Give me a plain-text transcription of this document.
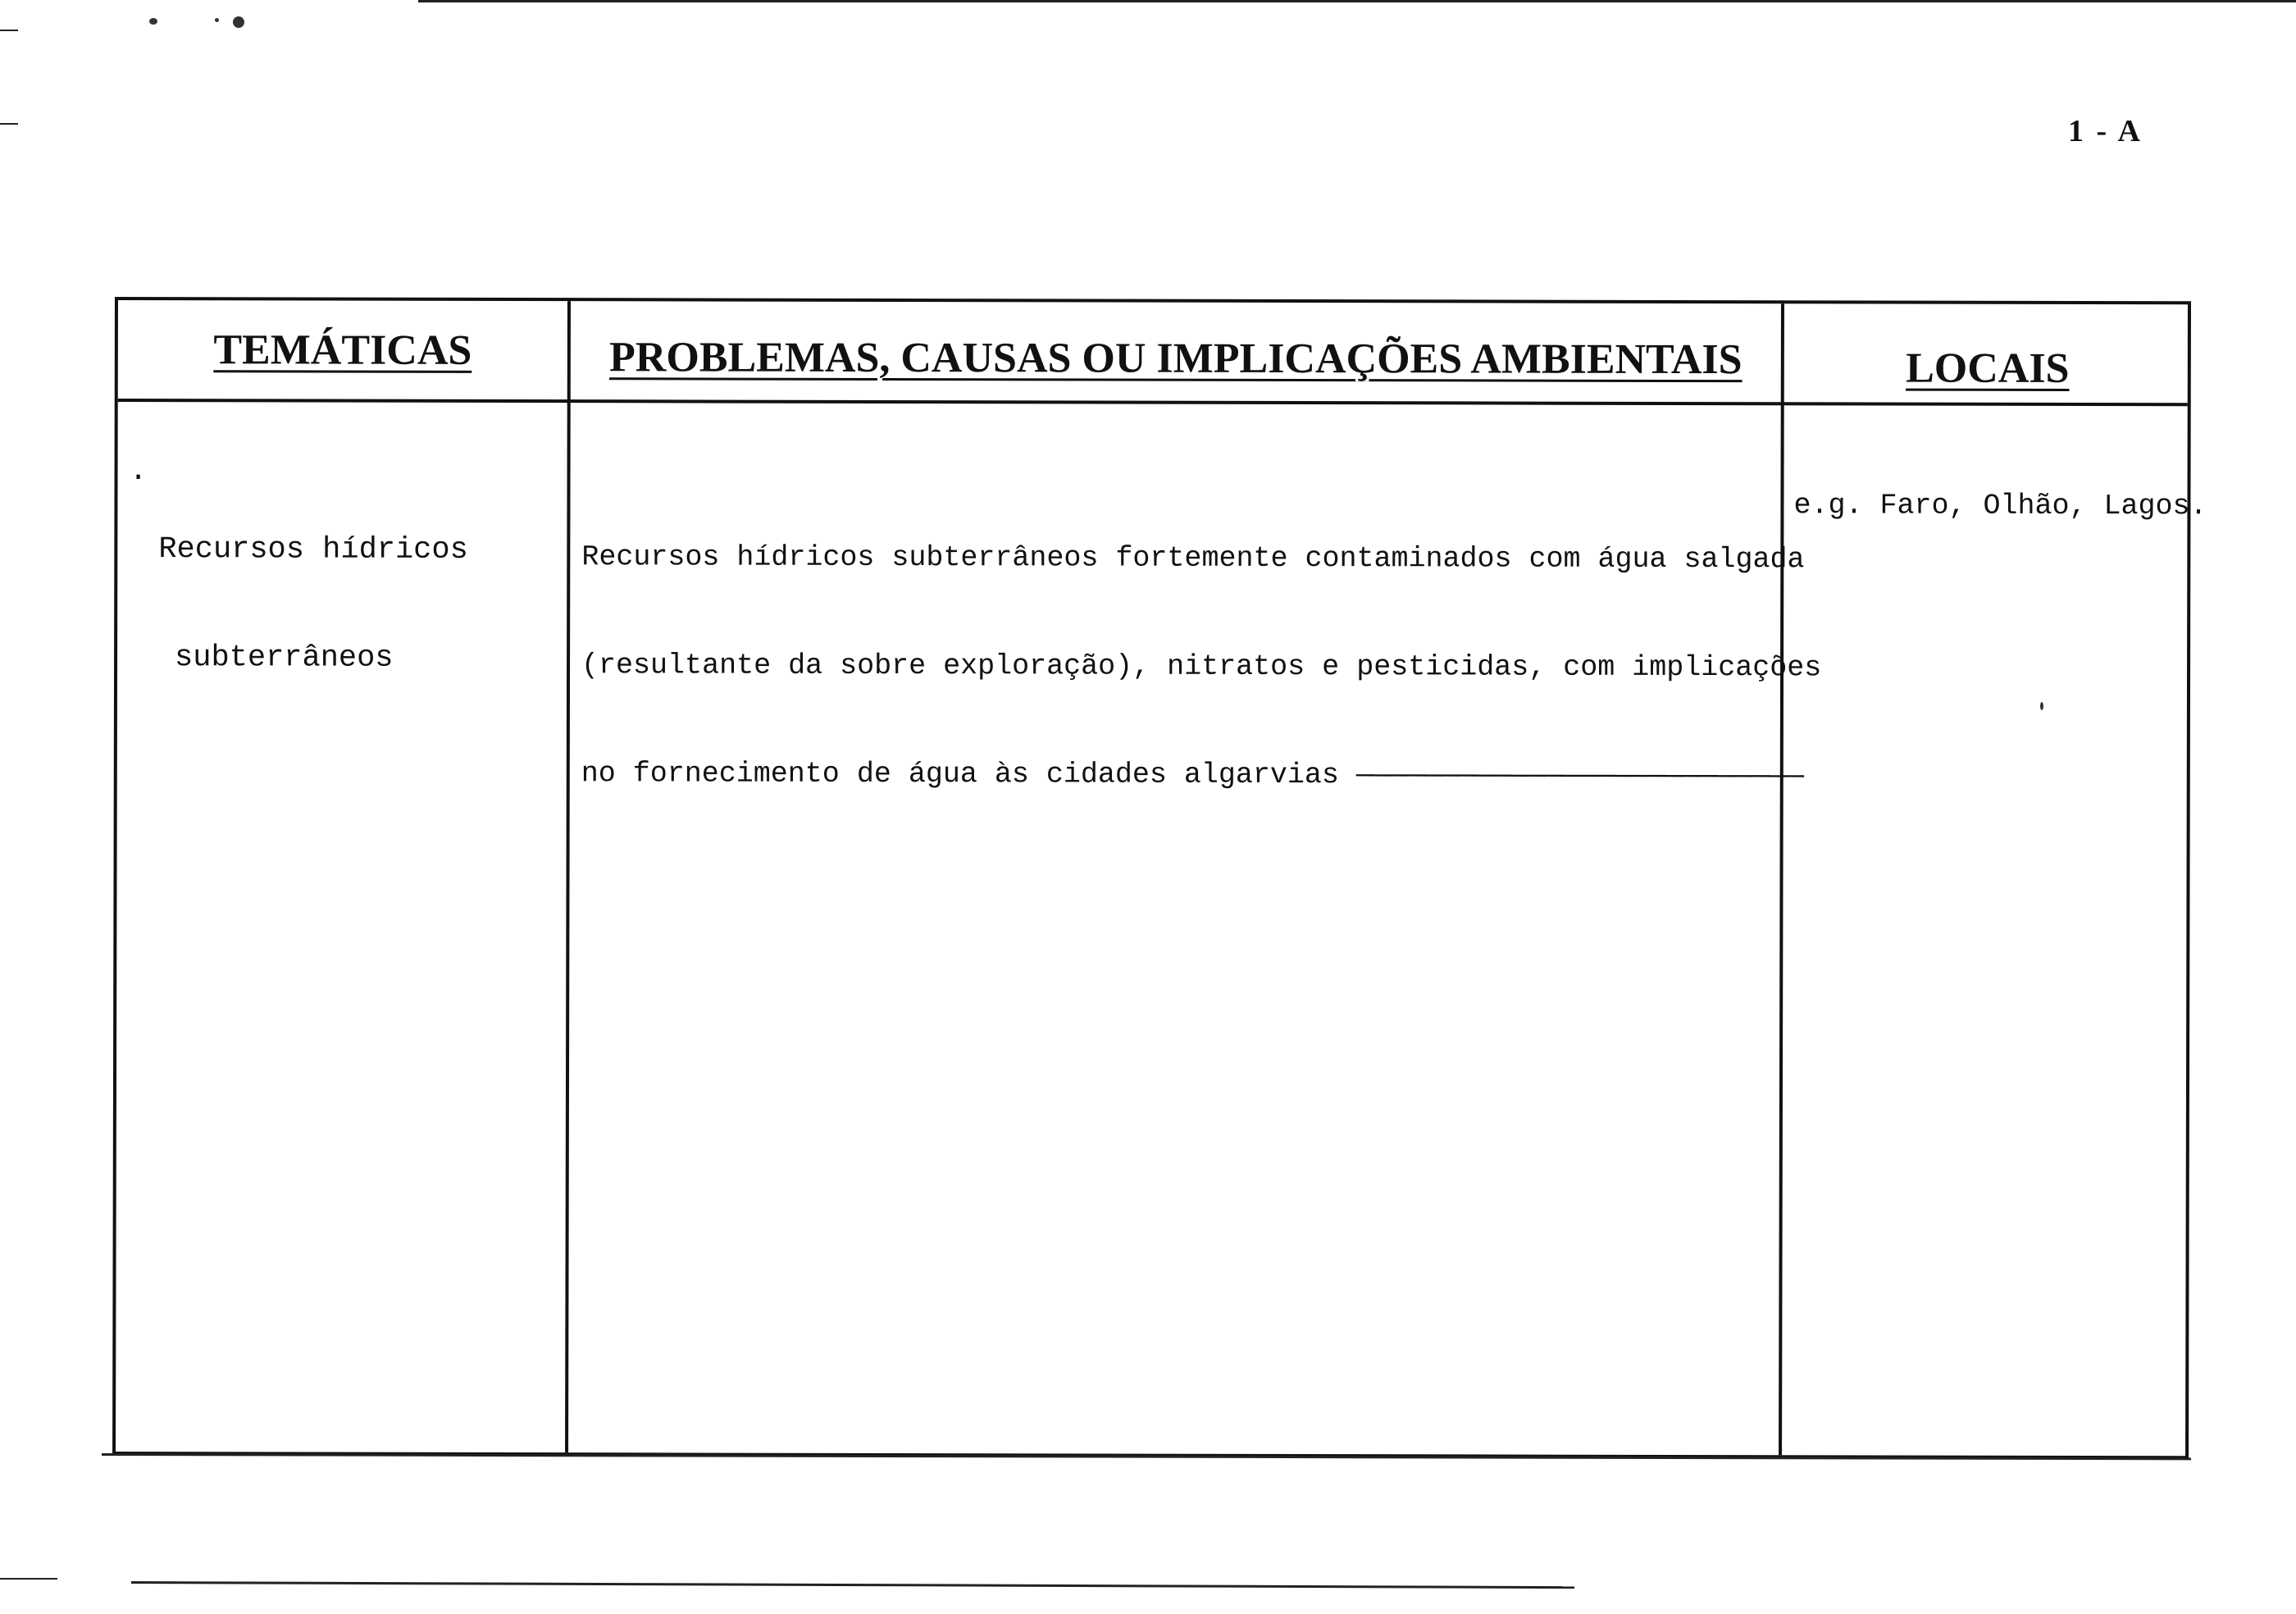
1 - A
TEMÁTICAS	PROBLEMAS, CAUSAS OU IMPLICAÇÕES AMBIENTAIS	LOCAIS
.

Recursos hídricos

subterrâneos

Recursos hídricos subterrâneos fortemente contaminados com água salgada

(resultante da sobre exploração), nitratos e pesticidas, com implicações

no fornecimento de água às cidades algarvias ——————————————————————————

e.g. Faro, Olhão, Lagos.
